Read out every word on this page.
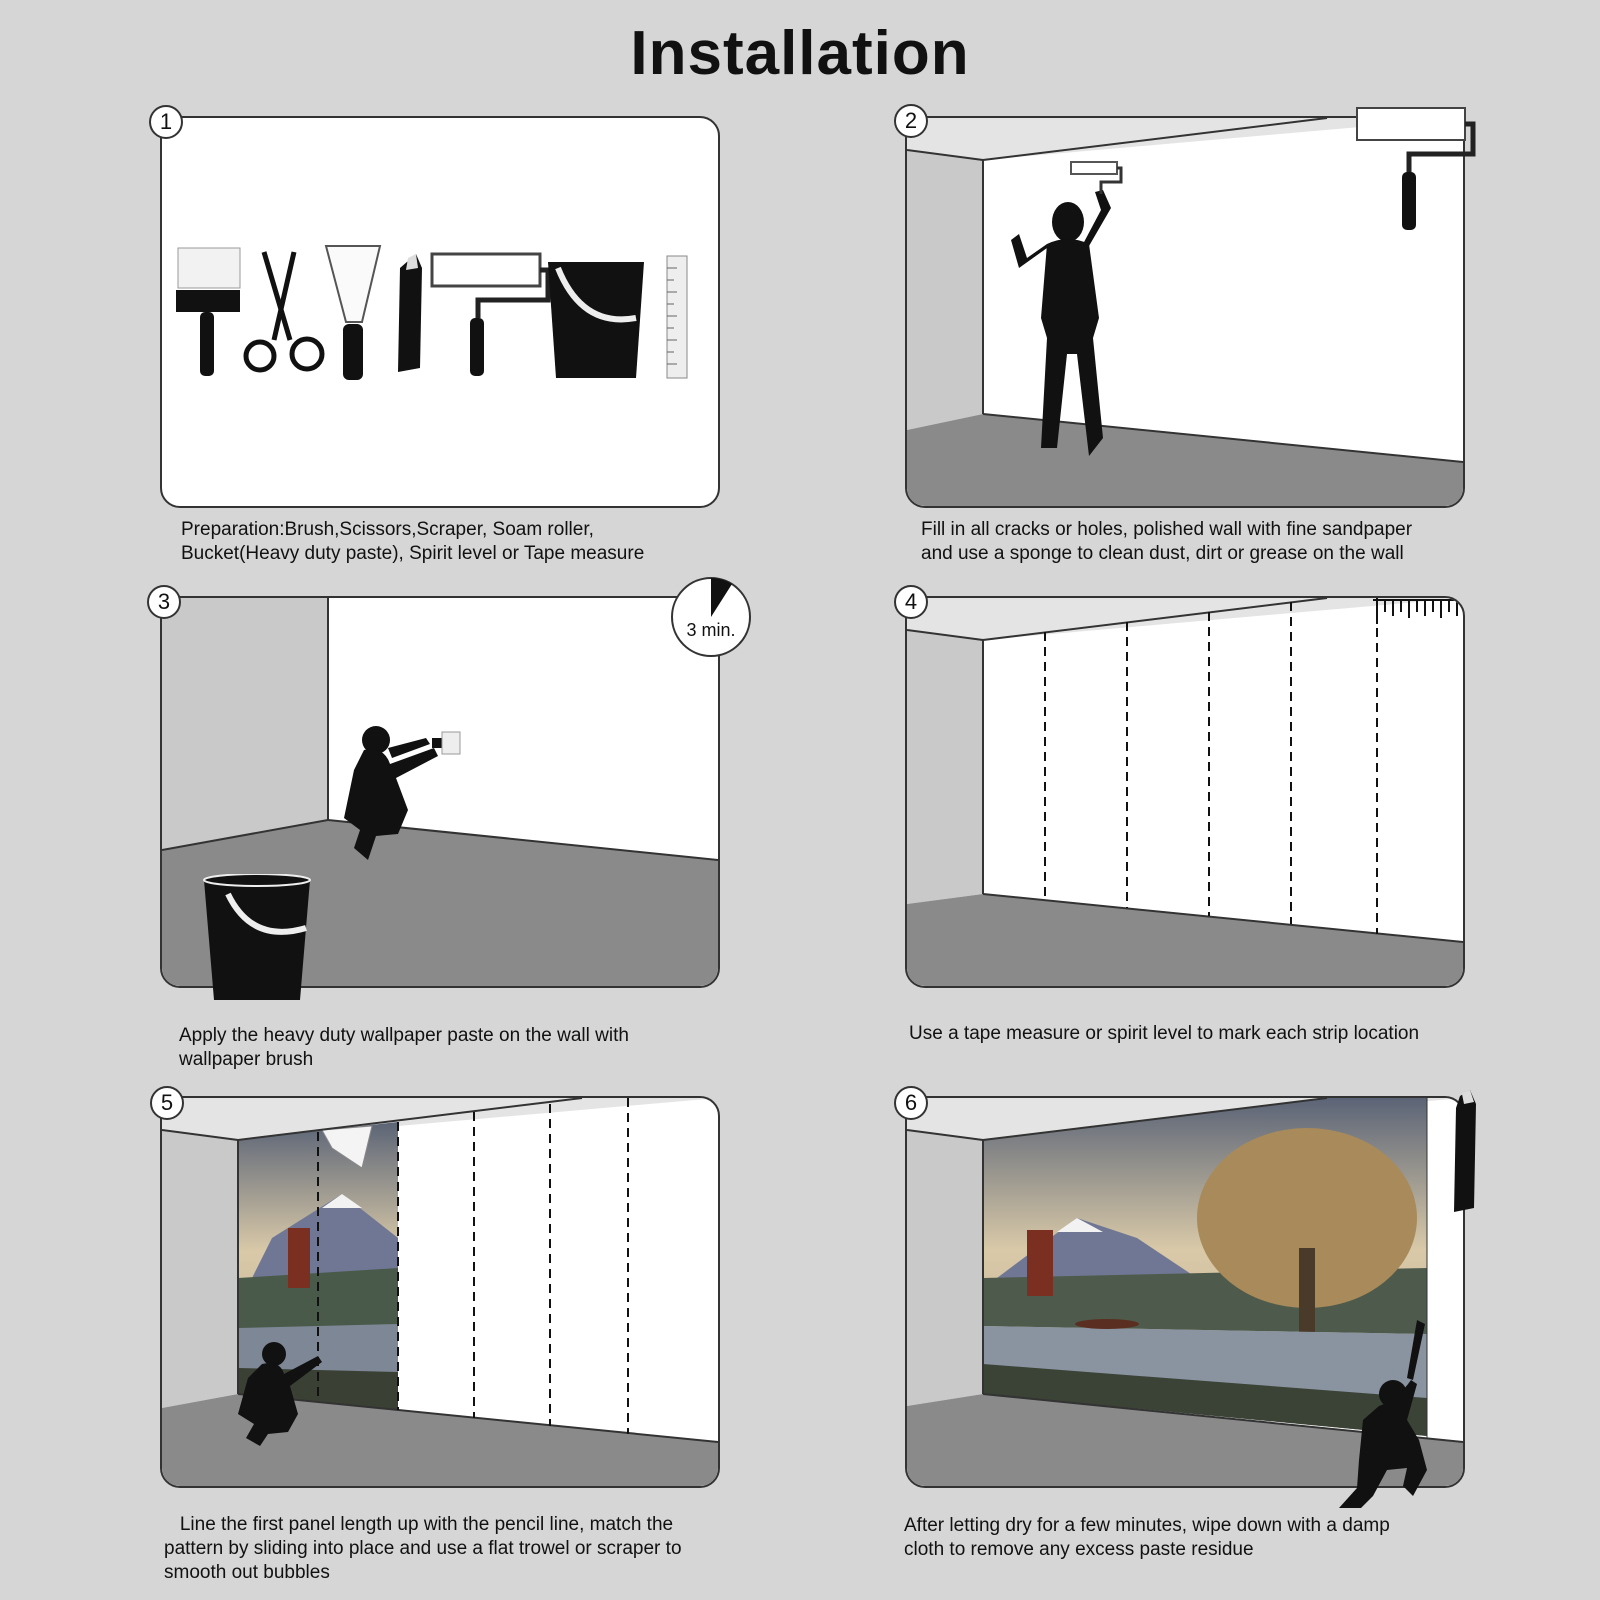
Installation
1
Preparation:Brush,Scissors,Scraper, Soam roller,
Bucket(Heavy duty paste), Spirit level or Tape measure
2
Fill in all cracks or holes, polished wall with fine sandpaper
and use a sponge to clean dust, dirt or grease on the wall
3
3 min.
Apply the heavy duty wallpaper paste on the wall with
wallpaper brush
4
Use a tape measure or spirit level to mark each strip location
5
Line the first panel length up with the pencil line, match the
pattern by sliding into place and use a flat trowel or scraper to
smooth out bubbles
6
After letting dry for a few minutes, wipe down with a damp
cloth to remove any excess paste residue
